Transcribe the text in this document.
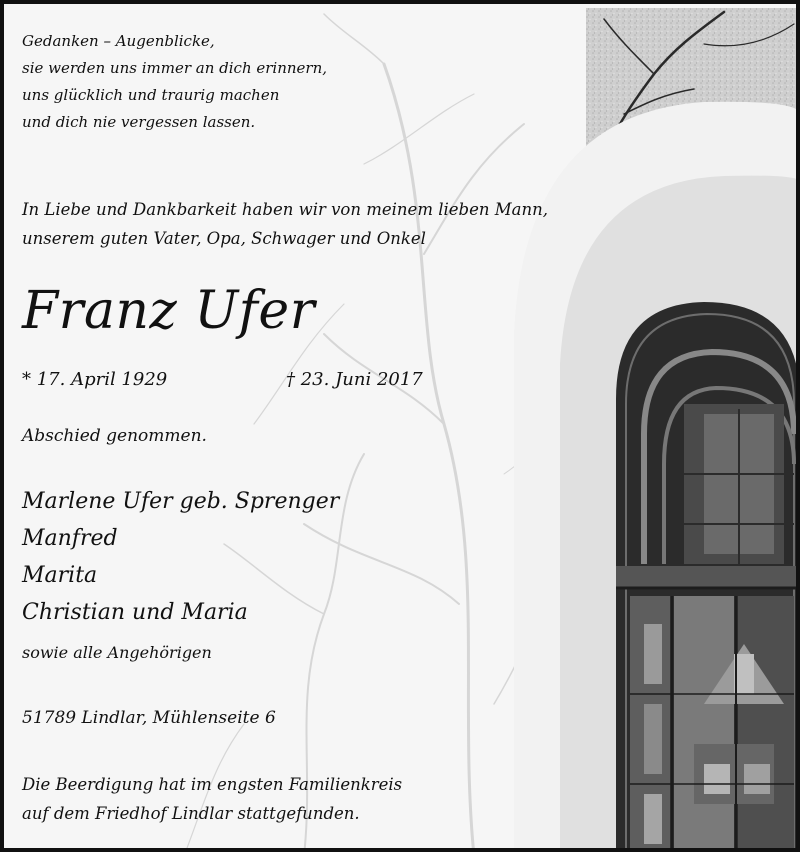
Gedanken – Augenblicke,
sie werden uns immer an dich erinnern,
uns glücklich und traurig machen
und dich nie vergessen lassen.
In Liebe und Dankbarkeit haben wir von meinem lieben Mann,
unserem guten Vater, Opa, Schwager und Onkel
Franz Ufer
* 17. April 1929	† 23. Juni 2017
Abschied genommen.
Marlene Ufer geb. Sprenger
Manfred
Marita
Christian und Maria
sowie alle Angehörigen
51789 Lindlar, Mühlenseite 6
Die Beerdigung hat im engsten Familienkreis
auf dem Friedhof Lindlar stattgefunden.
